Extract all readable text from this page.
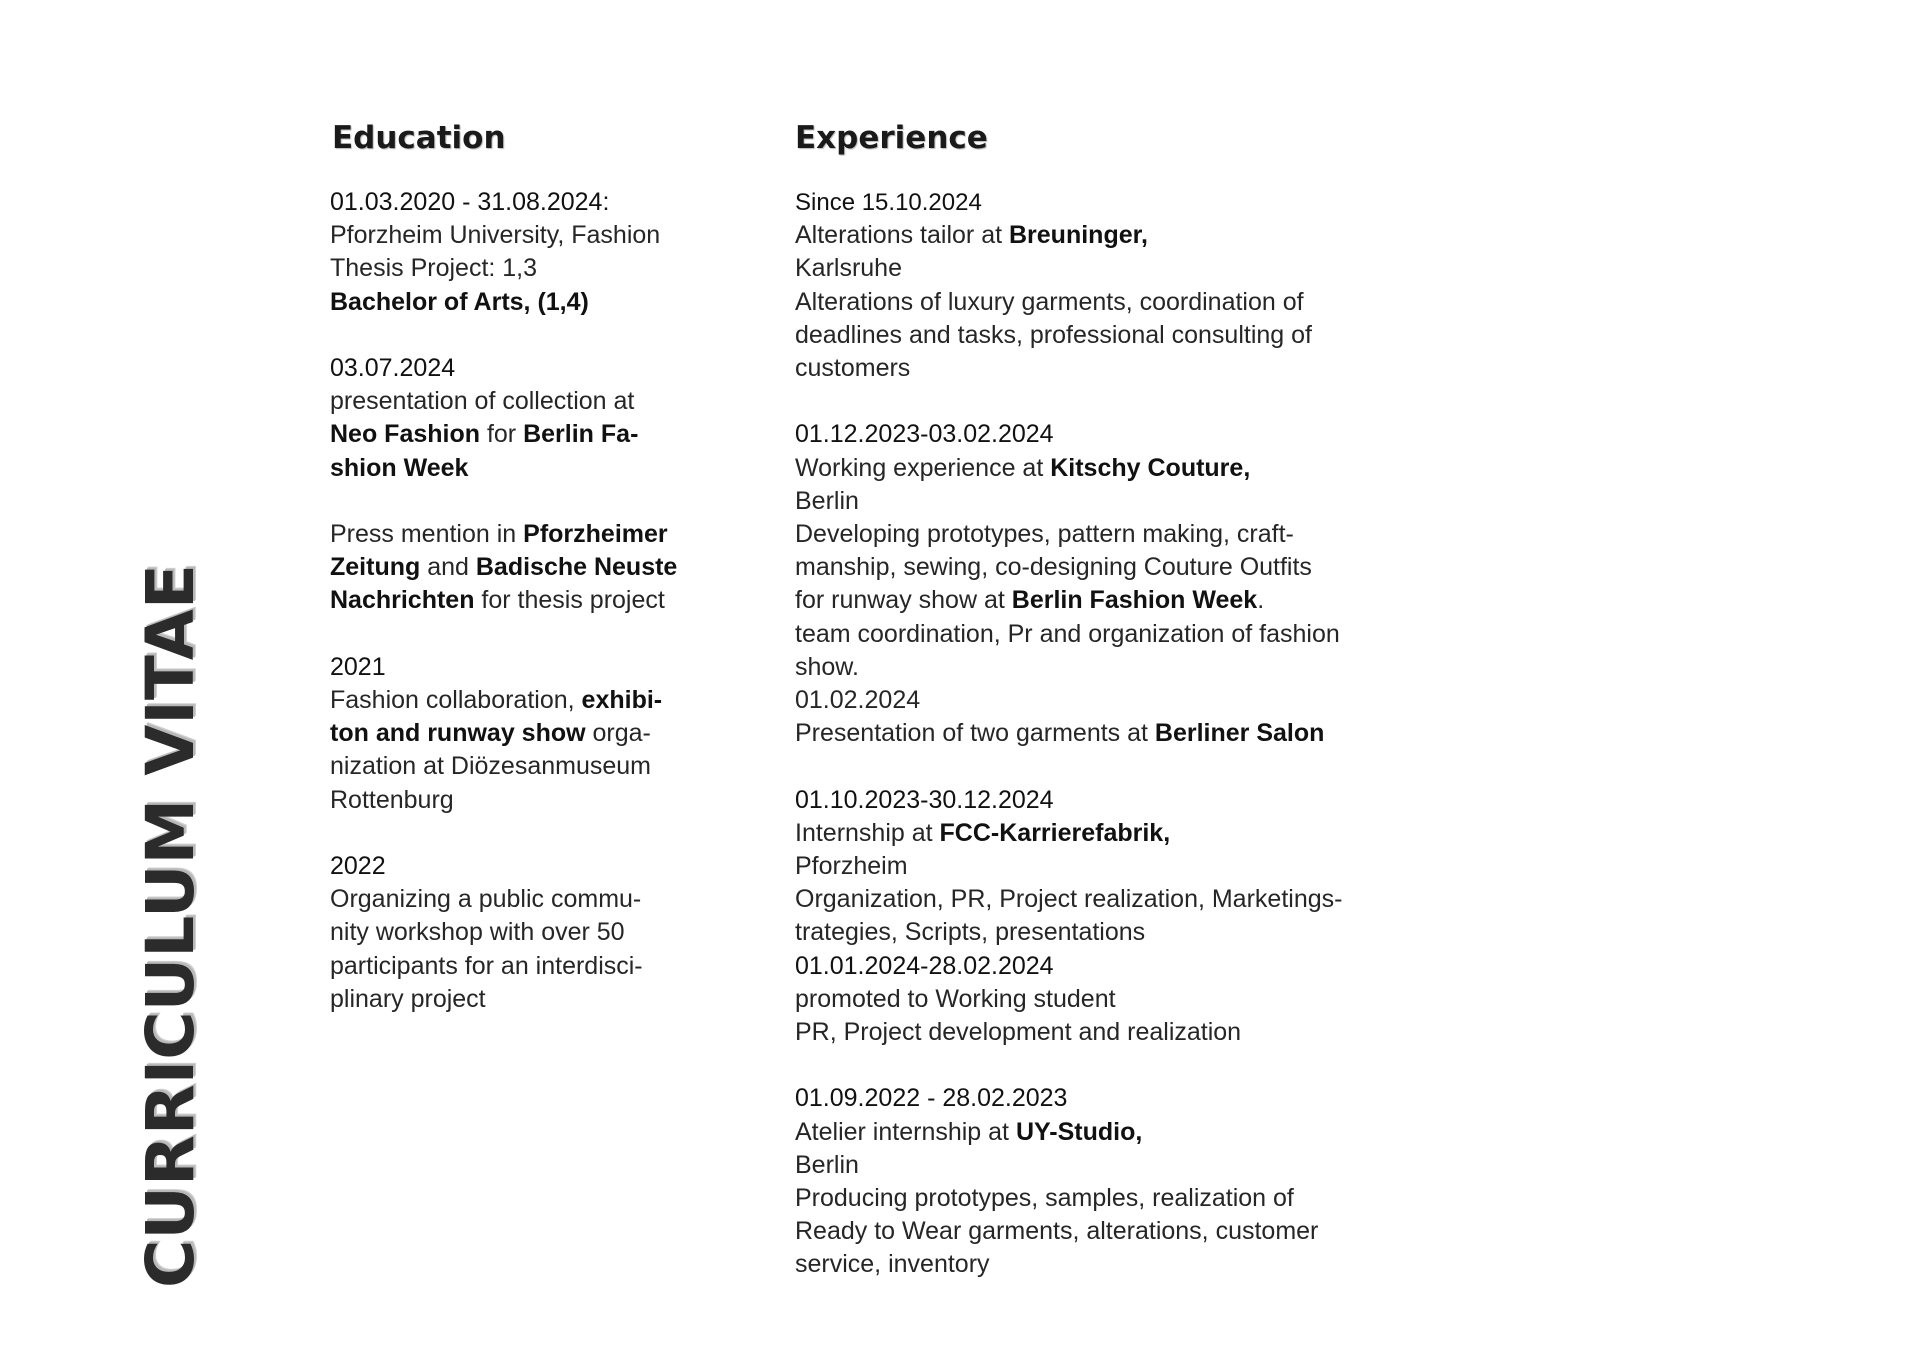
CURRICULUM VITAE
Education
01.03.2020 - 31.08.2024:
Pforzheim University, Fashion
Thesis Project: 1,3
Bachelor of Arts, (1,4)
03.07.2024
presentation of collection at
Neo Fashion for Berlin Fa-
shion Week
Press mention in Pforzheimer
Zeitung and Badische Neuste
Nachrichten for thesis project
2021
Fashion collaboration, exhibi-
ton and runway show orga-
nization at Diözesanmuseum
Rottenburg
2022
Organizing a public commu-
nity workshop with over 50
participants for an interdisci-
plinary project
Experience
Since 15.10.2024
Alterations tailor at Breuninger,
Karlsruhe
Alterations of luxury garments, coordination of
deadlines and tasks, professional consulting of
customers
01.12.2023-03.02.2024
Working experience at Kitschy Couture,
Berlin
Developing prototypes, pattern making, craft-
manship, sewing, co-designing Couture Outfits
for runway show at Berlin Fashion Week.
team coordination, Pr and organization of fashion
show.
01.02.2024
Presentation of two garments at Berliner Salon
01.10.2023-30.12.2024
Internship at FCC-Karrierefabrik,
Pforzheim
Organization, PR, Project realization, Marketings-
trategies, Scripts, presentations
01.01.2024-28.02.2024
promoted to Working student
PR, Project development and realization
01.09.2022 - 28.02.2023
Atelier internship at UY-Studio,
Berlin
Producing prototypes, samples, realization of
Ready to Wear garments, alterations, customer
service, inventory
